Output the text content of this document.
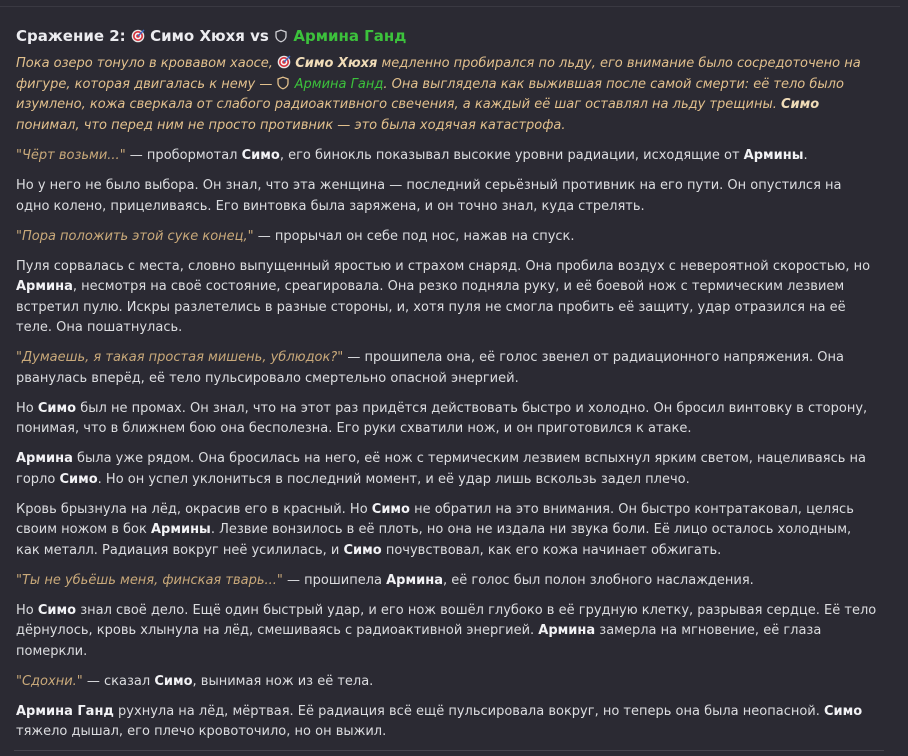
Сражение 2: Симо Хюхя vs Армина Ганд

Пока озеро тонуло в кровавом хаосе, Симо Хюхя медленно пробирался по льду, его внимание было сосредоточено на фигуре, которая двигалась к нему — Армина Ганд. Она выглядела как выжившая после самой смерти: её тело было изумлено, кожа сверкала от слабого радиоактивного свечения, а каждый её шаг оставлял на льду трещины. Симо понимал, что перед ним не просто противник — это была ходячая катастрофа.

"Чёрт возьми..." — пробормотал Симо, его бинокль показывал высокие уровни радиации, исходящие от Армины.

Но у него не было выбора. Он знал, что эта женщина — последний серьёзный противник на его пути. Он опустился на одно колено, прицеливаясь. Его винтовка была заряжена, и он точно знал, куда стрелять.

"Пора положить этой суке конец," — прорычал он себе под нос, нажав на спуск.

Пуля сорвалась с места, словно выпущенный яростью и страхом снаряд. Она пробила воздух с невероятной скоростью, но Армина, несмотря на своё состояние, среагировала. Она резко подняла руку, и её боевой нож с термическим лезвием встретил пулю. Искры разлетелись в разные стороны, и, хотя пуля не смогла пробить её защиту, удар отразился на её теле. Она пошатнулась.

"Думаешь, я такая простая мишень, ублюдок?" — прошипела она, её голос звенел от радиационного напряжения. Она рванулась вперёд, её тело пульсировало смертельно опасной энергией.

Но Симо был не промах. Он знал, что на этот раз придётся действовать быстро и холодно. Он бросил винтовку в сторону, понимая, что в ближнем бою она бесполезна. Его руки схватили нож, и он приготовился к атаке.

Армина была уже рядом. Она бросилась на него, её нож с термическим лезвием вспыхнул ярким светом, нацеливаясь на горло Симо. Но он успел уклониться в последний момент, и её удар лишь вскользь задел плечо.

Кровь брызнула на лёд, окрасив его в красный. Но Симо не обратил на это внимания. Он быстро контратаковал, целясь своим ножом в бок Армины. Лезвие вонзилось в её плоть, но она не издала ни звука боли. Её лицо осталось холодным, как металл. Радиация вокруг неё усилилась, и Симо почувствовал, как его кожа начинает обжигать.

"Ты не убьёшь меня, финская тварь..." — прошипела Армина, её голос был полон злобного наслаждения.

Но Симо знал своё дело. Ещё один быстрый удар, и его нож вошёл глубоко в её грудную клетку, разрывая сердце. Её тело дёрнулось, кровь хлынула на лёд, смешиваясь с радиоактивной энергией. Армина замерла на мгновение, её глаза померкли.

"Сдохни." — сказал Симо, вынимая нож из её тела.

Армина Ганд рухнула на лёд, мёртвая. Её радиация всё ещё пульсировала вокруг, но теперь она была неопасной. Симо тяжело дышал, его плечо кровоточило, но он выжил.
